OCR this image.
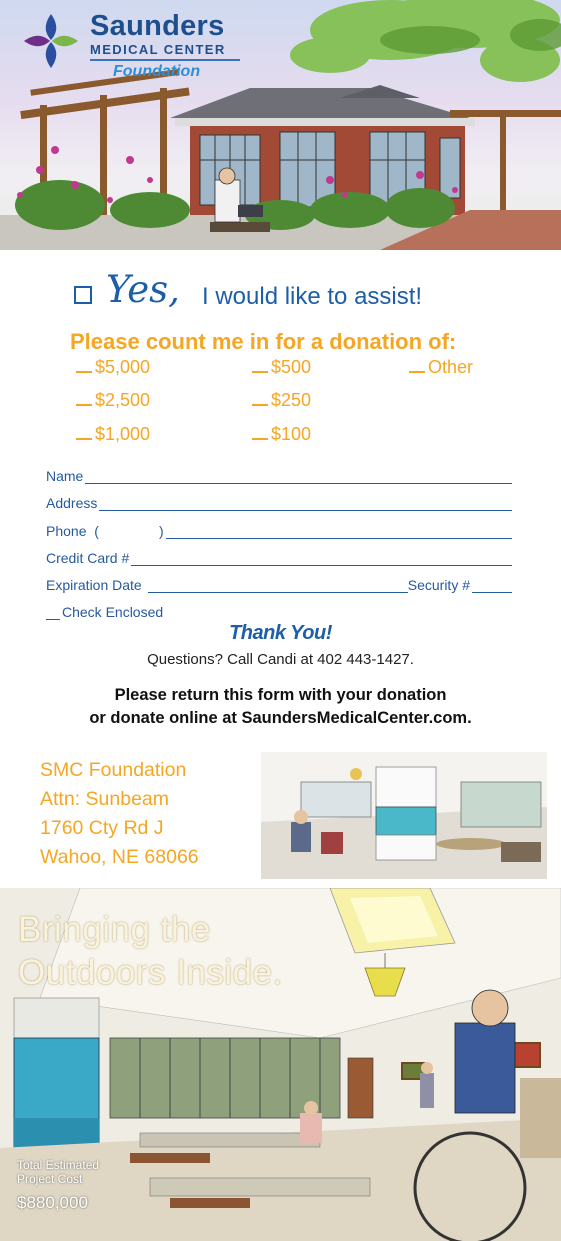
Saunders
MEDICAL CENTER
Foundation
Yes, I would like to assist!
Please count me in for a donation of:
$5,000	$500	Other
$2,500	$250
$1,000	$100
Name
Address
Phone  (	)
Credit Card #
Expiration Date	Security #
Check Enclosed
Thank You!
Questions? Call Candi at 402 443-1427.
Please return this form with your donation
or donate online at SaundersMedicalCenter.com.
SMC Foundation
Attn: Sunbeam
1760 Cty Rd J
Wahoo, NE 68066
Bringing the
Outdoors Inside.
Total Estimated
Project Cost
$880,000
